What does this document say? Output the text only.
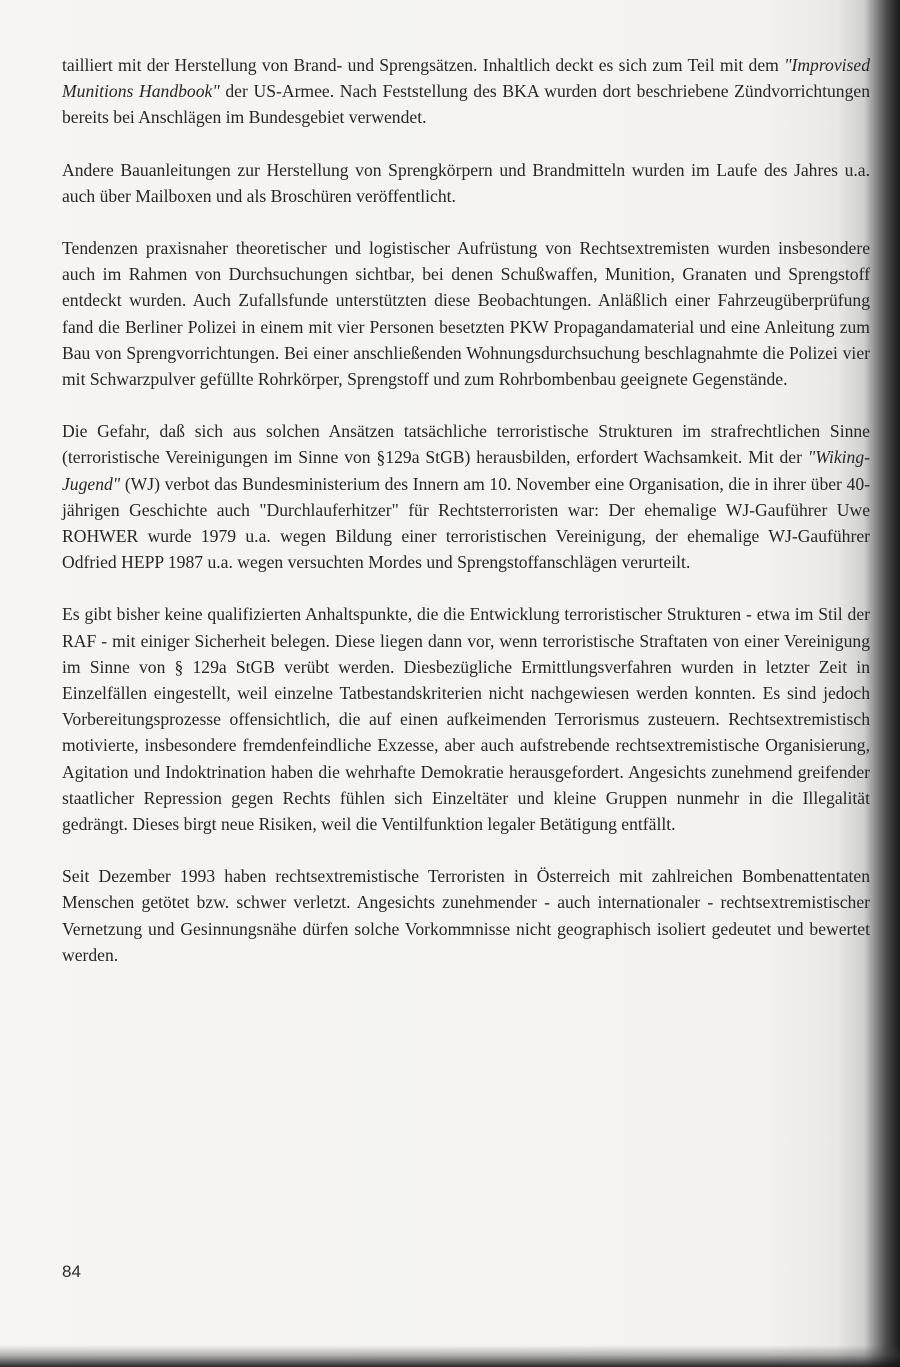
tailliert mit der Herstellung von Brand- und Sprengsätzen. Inhaltlich deckt es sich zum Teil mit dem "Improvised Munitions Handbook" der US-Armee. Nach Feststellung des BKA wurden dort beschriebene Zündvorrichtungen bereits bei Anschlägen im Bundesgebiet verwendet.

Andere Bauanleitungen zur Herstellung von Sprengkörpern und Brandmitteln wurden im Laufe des Jahres u.a. auch über Mailboxen und als Broschüren veröffentlicht.

Tendenzen praxisnaher theoretischer und logistischer Aufrüstung von Rechtsextremisten wurden insbesondere auch im Rahmen von Durchsuchungen sichtbar, bei denen Schußwaffen, Munition, Granaten und Sprengstoff entdeckt wurden. Auch Zufallsfunde unterstützten diese Beobachtungen. Anläßlich einer Fahrzeugüberprüfung fand die Berliner Polizei in einem mit vier Personen besetzten PKW Propagandamaterial und eine Anleitung zum Bau von Sprengvorrichtungen. Bei einer anschließenden Wohnungsdurchsuchung beschlagnahmte die Polizei vier mit Schwarzpulver gefüllte Rohrkörper, Sprengstoff und zum Rohrbombenbau geeignete Gegenstände.

Die Gefahr, daß sich aus solchen Ansätzen tatsächliche terroristische Strukturen im strafrechtlichen Sinne (terroristische Vereinigungen im Sinne von §129a StGB) herausbilden, erfordert Wachsamkeit. Mit der "Wiking-Jugend" (WJ) verbot das Bundesministerium des Innern am 10. November eine Organisation, die in ihrer über 40-jährigen Geschichte auch "Durchlauferhitzer" für Rechtsterroristen war: Der ehemalige WJ-Gauführer Uwe ROHWER wurde 1979 u.a. wegen Bildung einer terroristischen Vereinigung, der ehemalige WJ-Gauführer Odfried HEPP 1987 u.a. wegen versuchten Mordes und Sprengstoffanschlägen verurteilt.

Es gibt bisher keine qualifizierten Anhaltspunkte, die die Entwicklung terroristischer Strukturen - etwa im Stil der RAF - mit einiger Sicherheit belegen. Diese liegen dann vor, wenn terroristische Straftaten von einer Vereinigung im Sinne von § 129a StGB verübt werden. Diesbezügliche Ermittlungsverfahren wurden in letzter Zeit in Einzelfällen eingestellt, weil einzelne Tatbestandskriterien nicht nachgewiesen werden konnten. Es sind jedoch Vorbereitungsprozesse offensichtlich, die auf einen aufkeimenden Terrorismus zusteuern. Rechtsextremistisch motivierte, insbesondere fremdenfeindliche Exzesse, aber auch aufstrebende rechtsextremistische Organisierung, Agitation und Indoktrination haben die wehrhafte Demokratie herausgefordert. Angesichts zunehmend greifender staatlicher Repression gegen Rechts fühlen sich Einzeltäter und kleine Gruppen nunmehr in die Illegalität gedrängt. Dieses birgt neue Risiken, weil die Ventilfunktion legaler Betätigung entfällt.

Seit Dezember 1993 haben rechtsextremistische Terroristen in Österreich mit zahlreichen Bombenattentaten Menschen getötet bzw. schwer verletzt. Angesichts zunehmender - auch internationaler - rechtsextremistischer Vernetzung und Gesinnungsnähe dürfen solche Vorkommnisse nicht geographisch isoliert gedeutet und bewertet werden.

84
